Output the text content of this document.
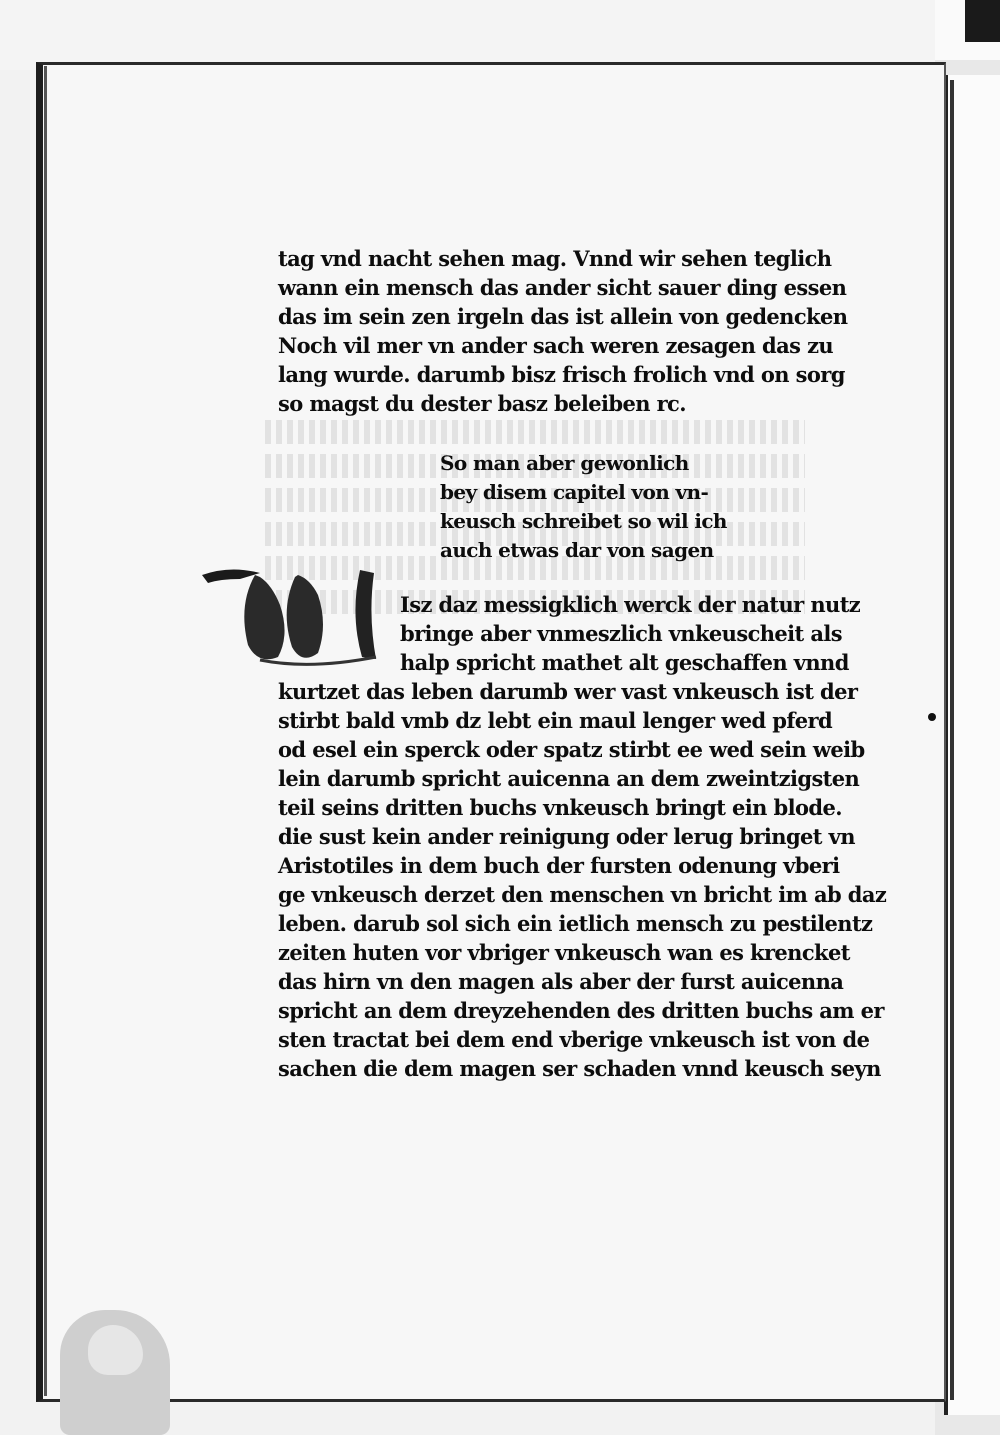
tag vnd nacht sehen mag. Vnnd wir sehen teglich
wann ein mensch das ander sicht sauer ding essen
das im sein zen irgeln das ist allein von gedencken
Noch vil mer vn ander sach weren zesagen das zu
lang wurde. darumb bisz frisch frolich vnd on sorg
so magst du dester basz beleiben rc.
So man aber gewonlich
bey disem capitel von vn-
keusch schreibet so wil ich
auch etwas dar von sagen
Isz daz messigklich werck der natur nutz
bringe aber vnmeszlich vnkeuscheit als
halp spricht mathet alt geschaffen vnnd
kurtzet das leben darumb wer vast vnkeusch ist der
stirbt bald vmb dz lebt ein maul lenger wed pferd
od esel ein sperck oder spatz stirbt ee wed sein weib
lein darumb spricht auicenna an dem zweintzigsten
teil seins dritten buchs vnkeusch bringt ein blode.
die sust kein ander reinigung oder lerug bringet vn
Aristotiles in dem buch der fursten odenung vberi
ge vnkeusch derzet den menschen vn bricht im ab daz
leben. darub sol sich ein ietlich mensch zu pestilentz
zeiten huten vor vbriger vnkeusch wan es krencket
das hirn vn den magen als aber der furst auicenna
spricht an dem dreyzehenden des dritten buchs am er
sten tractat bei dem end vberige vnkeusch ist von de
sachen die dem magen ser schaden vnnd keusch seyn
